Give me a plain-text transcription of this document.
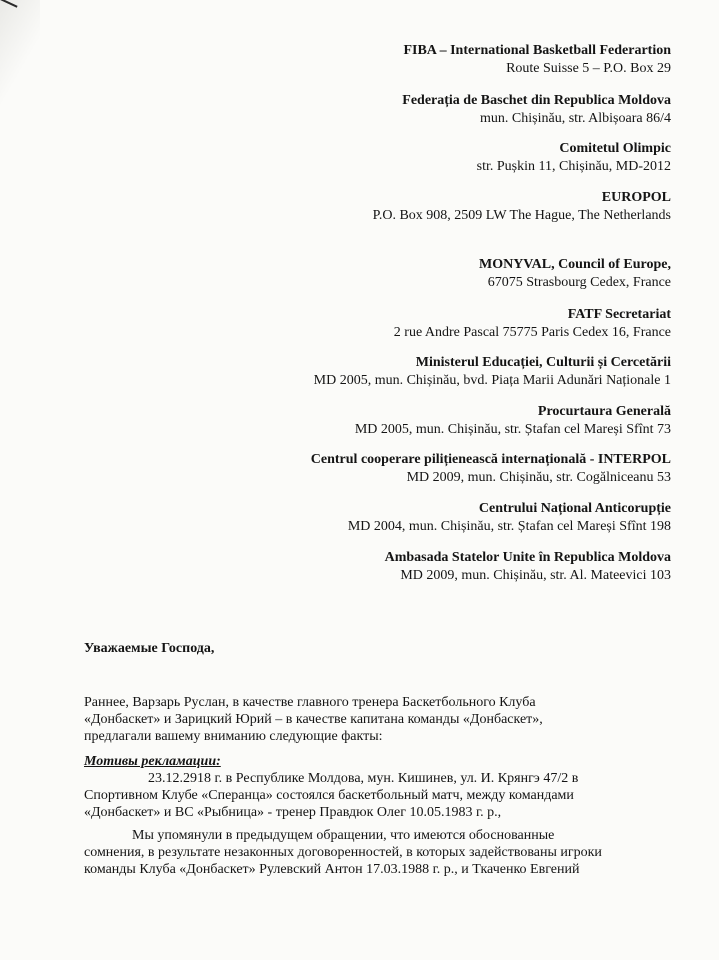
FIBA – International Basketball Federartion
Route Suisse 5 – P.O. Box 29
Federația de Baschet din Republica Moldova
mun. Chișinău, str. Albișoara 86/4
Comitetul Olimpic
str. Pușkin 11, Chișinău, MD-2012
EUROPOL
P.O. Box 908, 2509 LW The Hague, The Netherlands
MONYVAL, Council of Europe,
67075 Strasbourg Cedex, France
FATF Secretariat
2 rue Andre Pascal 75775 Paris Cedex 16, France
Ministerul Educației, Culturii și Cercetării
MD 2005, mun. Chișinău, bvd. Piața Marii Adunări Naționale 1
Procurtaura Generală
MD 2005, mun. Chișinău, str. Ștafan cel Mareși Sfînt 73
Centrul cooperare pilițienească internațională - INTERPOL
MD 2009, mun. Chișinău, str. Cogălniceanu 53
Centrului Național Anticorupție
MD 2004, mun. Chișinău, str. Ștafan cel Mareși Sfînt 198
Ambasada Statelor Unite în Republica Moldova
MD 2009, mun. Chișinău, str. Al. Mateevici 103
Уважаемые Господа,
Раннее, Варзарь Руслан, в качестве главного тренера Баскетбольного Клуба
«Донбаскет» и Зарицкий Юрий – в качестве капитана команды «Донбаскет»,
предлагали вашему вниманию следующие факты:
Мотивы рекламации:
23.12.2918 г. в Республике Молдова, мун. Кишинев, ул. И. Крянгэ 47/2 в
Спортивном Клубе «Сперанца» состоялся баскетбольный матч, между командами
«Донбаскет» и ВС «Рыбница» - тренер Правдюк Олег 10.05.1983 г. р.,
Мы упомянули в предыдущем обращении, что имеются обоснованные
сомнения, в результате незаконных договоренностей, в которых задействованы игроки
команды Клуба «Донбаскет» Рулевский Антон 17.03.1988 г. р., и Ткаченко Евгений
